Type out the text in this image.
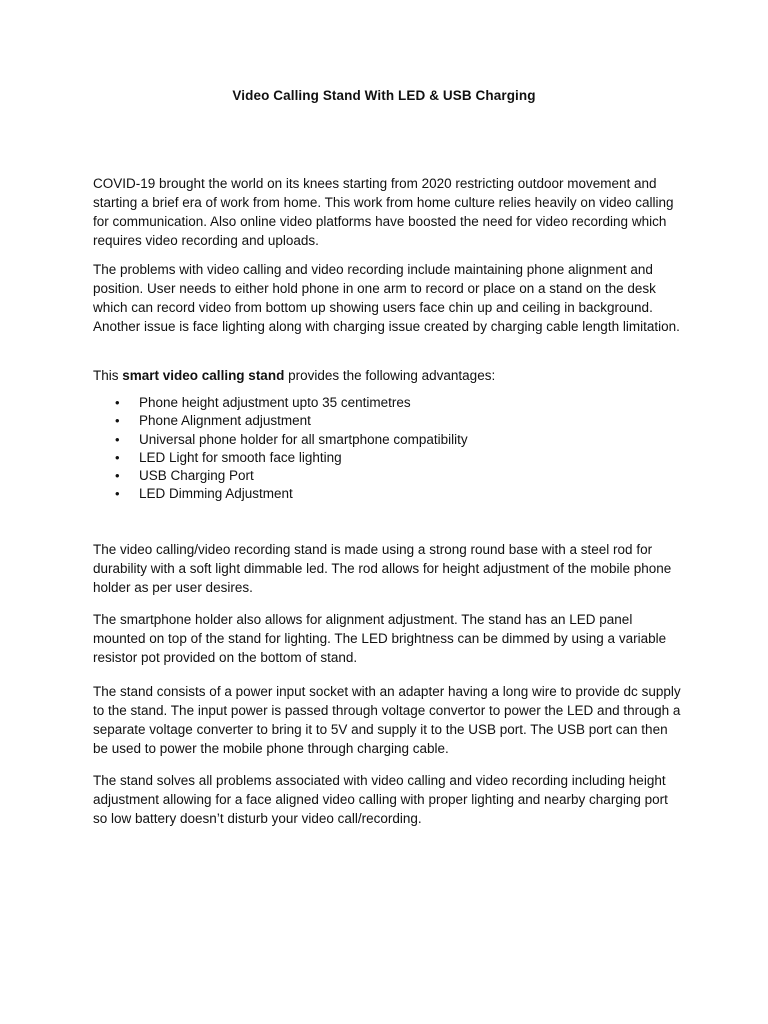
Video Calling Stand With LED & USB Charging

COVID-19 brought the world on its knees starting from 2020 restricting outdoor movement and starting a brief era of work from home. This work from home culture relies heavily on video calling for communication. Also online video platforms have boosted the need for video recording which requires video recording and uploads.

The problems with video calling and video recording include maintaining phone alignment and position. User needs to either hold phone in one arm to record or place on a stand on the desk which can record video from bottom up showing users face chin up and ceiling in background. Another issue is face lighting along with charging issue created by charging cable length limitation.

This smart video calling stand provides the following advantages:

• Phone height adjustment upto 35 centimetres
• Phone Alignment adjustment
• Universal phone holder for all smartphone compatibility
• LED Light for smooth face lighting
• USB Charging Port
• LED Dimming Adjustment

The video calling/video recording stand is made using a strong round base with a steel rod for durability with a soft light dimmable led. The rod allows for height adjustment of the mobile phone holder as per user desires.

The smartphone holder also allows for alignment adjustment. The stand has an LED panel mounted on top of the stand for lighting. The LED brightness can be dimmed by using a variable resistor pot provided on the bottom of stand.

The stand consists of a power input socket with an adapter having a long wire to provide dc supply to the stand. The input power is passed through voltage convertor to power the LED and through a separate voltage converter to bring it to 5V and supply it to the USB port. The USB port can then be used to power the mobile phone through charging cable.

The stand solves all problems associated with video calling and video recording including height adjustment allowing for a face aligned video calling with proper lighting and nearby charging port so low battery doesn’t disturb your video call/recording.
